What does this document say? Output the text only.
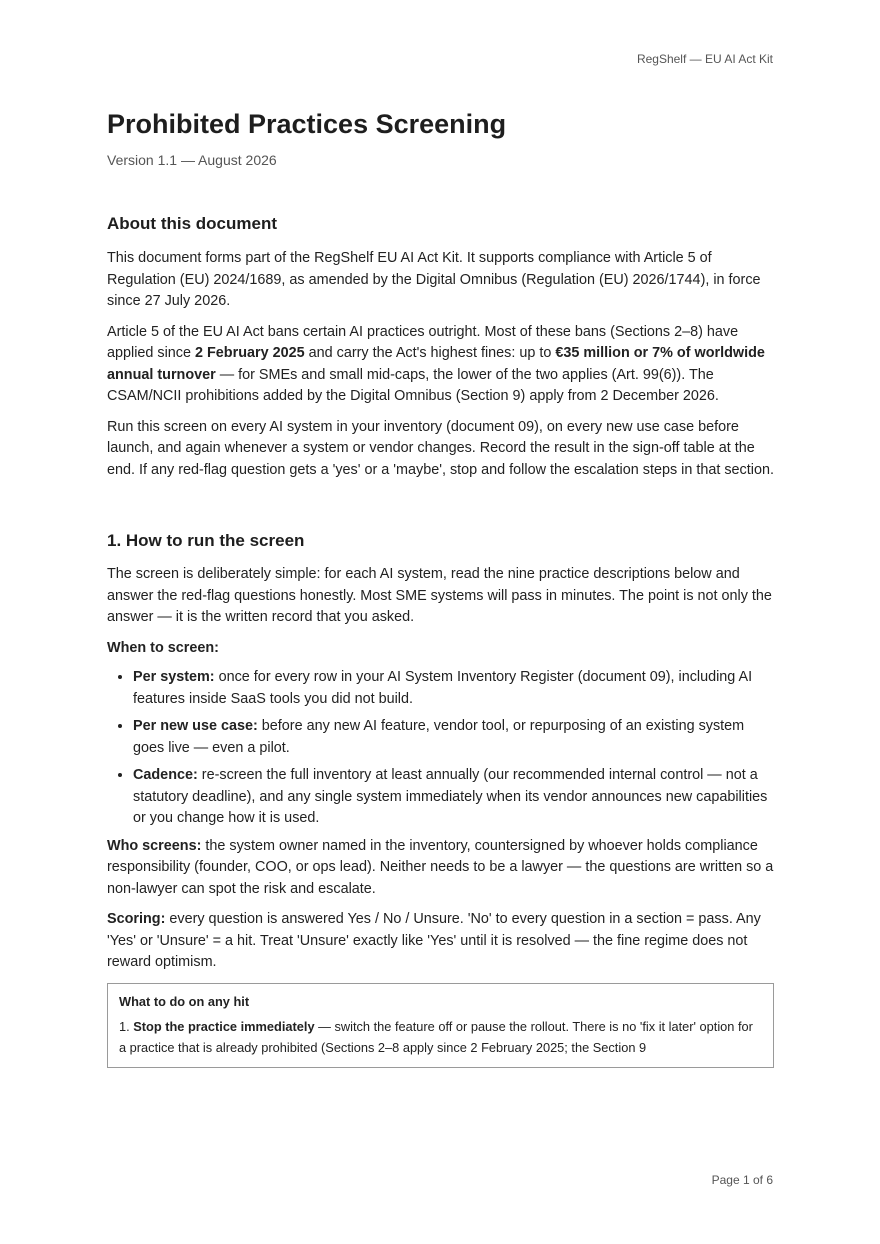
RegShelf — EU AI Act Kit
Prohibited Practices Screening
Version 1.1 — August 2026
About this document

This document forms part of the RegShelf EU AI Act Kit. It supports compliance with Article 5 of Regulation (EU) 2024/1689, as amended by the Digital Omnibus (Regulation (EU) 2026/1744), in force since 27 July 2026.

Article 5 of the EU AI Act bans certain AI practices outright. Most of these bans (Sections 2–8) have applied since 2 February 2025 and carry the Act's highest fines: up to €35 million or 7% of worldwide annual turnover — for SMEs and small mid-caps, the lower of the two applies (Art. 99(6)). The CSAM/NCII prohibitions added by the Digital Omnibus (Section 9) apply from 2 December 2026.

Run this screen on every AI system in your inventory (document 09), on every new use case before launch, and again whenever a system or vendor changes. Record the result in the sign-off table at the end. If any red-flag question gets a 'yes' or a 'maybe', stop and follow the escalation steps in that section.

1. How to run the screen

The screen is deliberately simple: for each AI system, read the nine practice descriptions below and answer the red-flag questions honestly. Most SME systems will pass in minutes. The point is not only the answer — it is the written record that you asked.

When to screen:
• Per system: once for every row in your AI System Inventory Register (document 09), including AI features inside SaaS tools you did not build.
• Per new use case: before any new AI feature, vendor tool, or repurposing of an existing system goes live — even a pilot.
• Cadence: re-screen the full inventory at least annually (our recommended internal control — not a statutory deadline), and any single system immediately when its vendor announces new capabilities or you change how it is used.

Who screens: the system owner named in the inventory, countersigned by whoever holds compliance responsibility (founder, COO, or ops lead). Neither needs to be a lawyer — the questions are written so a non-lawyer can spot the risk and escalate.

Scoring: every question is answered Yes / No / Unsure. 'No' to every question in a section = pass. Any 'Yes' or 'Unsure' = a hit. Treat 'Unsure' exactly like 'Yes' until it is resolved — the fine regime does not reward optimism.

What to do on any hit
1. Stop the practice immediately — switch the feature off or pause the rollout. There is no 'fix it later' option for a practice that is already prohibited (Sections 2–8 apply since 2 February 2025; the Section 9
Page 1 of 6
